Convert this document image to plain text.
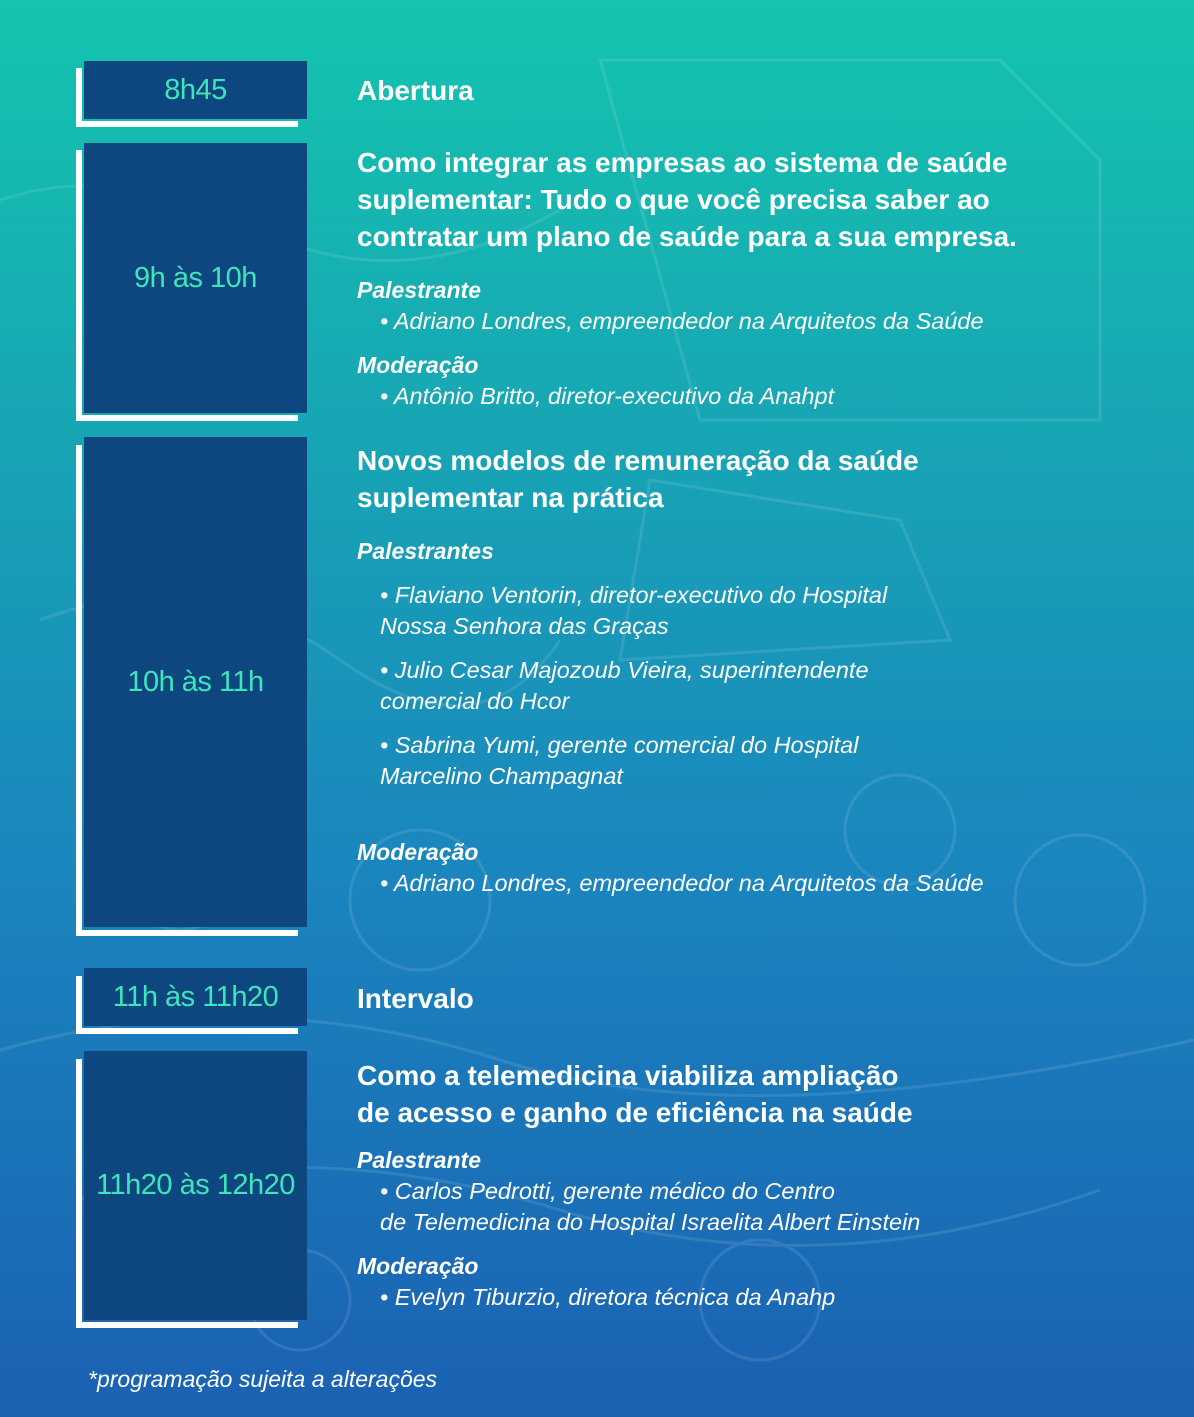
8h45	Abertura
9h às 10h
Como integrar as empresas ao sistema de saúde
suplementar: Tudo o que você precisa saber ao
contratar um plano de saúde para a sua empresa.
Palestrante
• Adriano Londres, empreendedor na Arquitetos da Saúde
Moderação
• Antônio Britto, diretor-executivo da Anahpt
10h às 11h
Novos modelos de remuneração da saúde
suplementar na prática
Palestrantes
• Flaviano Ventorin, diretor-executivo do Hospital
Nossa Senhora das Graças
• Julio Cesar Majozoub Vieira, superintendente
comercial do Hcor
• Sabrina Yumi, gerente comercial do Hospital
Marcelino Champagnat
Moderação
• Adriano Londres, empreendedor na Arquitetos da Saúde
11h às 11h20	Intervalo
11h20 às 12h20
Como a telemedicina viabiliza ampliação
de acesso e ganho de eficiência na saúde
Palestrante
• Carlos Pedrotti, gerente médico do Centro
de Telemedicina do Hospital Israelita Albert Einstein
Moderação
• Evelyn Tiburzio, diretora técnica da Anahp
*programação sujeita a alterações
